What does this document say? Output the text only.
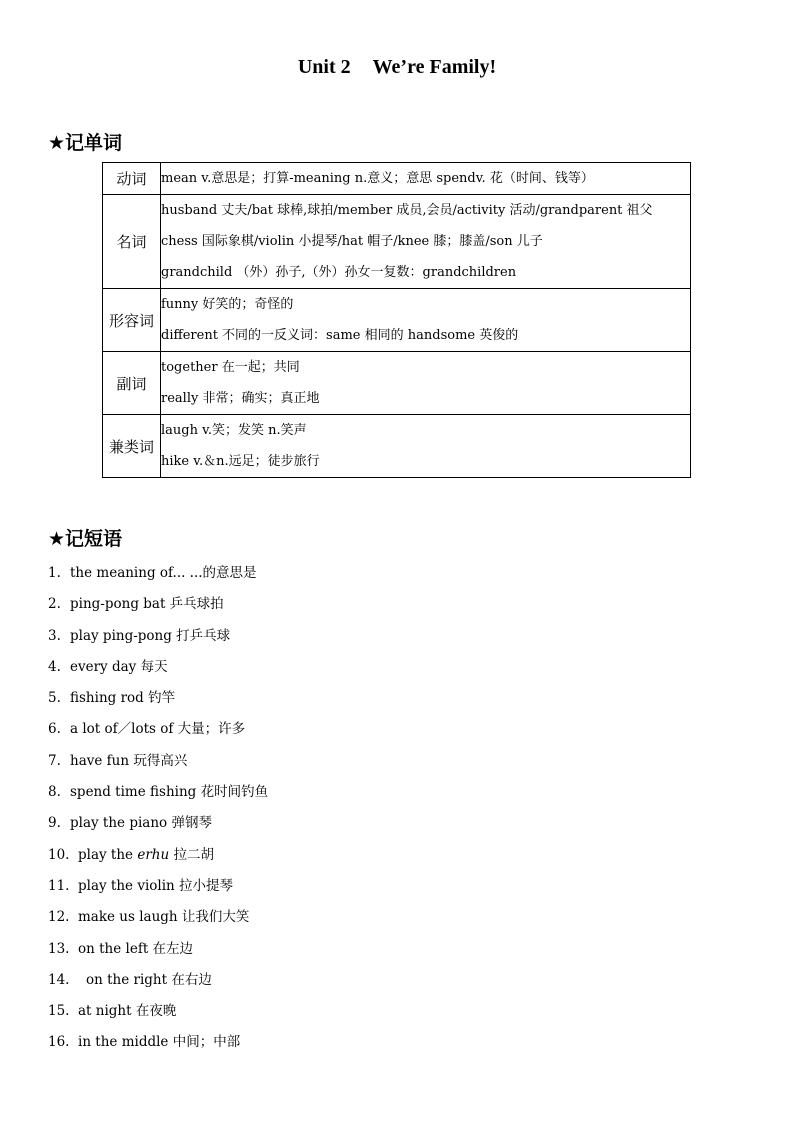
Unit 2 We’re Family!
★记单词
动词	mean v.意思是；打算-meaning n.意义；意思 spendv. 花（时间、钱等）

名词	husband 丈夫/bat 球棒,球拍/member 成员,会员/activity 活动/grandparent 祖父
chess 国际象棋/violin 小提琴/hat 帽子/knee 膝；膝盖/son 儿子
grandchild （外）孙子,（外）孙女一复数：grandchildren

形容词	funny 好笑的；奇怪的
different 不同的一反义词：same 相同的 handsome 英俊的

副词	together 在一起；共同
really 非常；确实；真正地

兼类词	laugh v.笑；发笑 n.笑声
hike v.＆n.远足；徒步旅行
★记短语
1. the meaning of... ...的意思是
2. ping-pong bat 乒乓球拍
3. play ping-pong 打乒乓球
4. every day 每天
5. fishing rod 钓竿
6. a lot of／lots of 大量；许多
7. have fun 玩得高兴
8. spend time fishing 花时间钓鱼
9. play the piano 弹钢琴
10. play the erhu 拉二胡
11. play the violin 拉小提琴
12. make us laugh 让我们大笑
13. on the left 在左边
14. on the right 在右边
15. at night 在夜晚
16. in the middle 中间；中部
